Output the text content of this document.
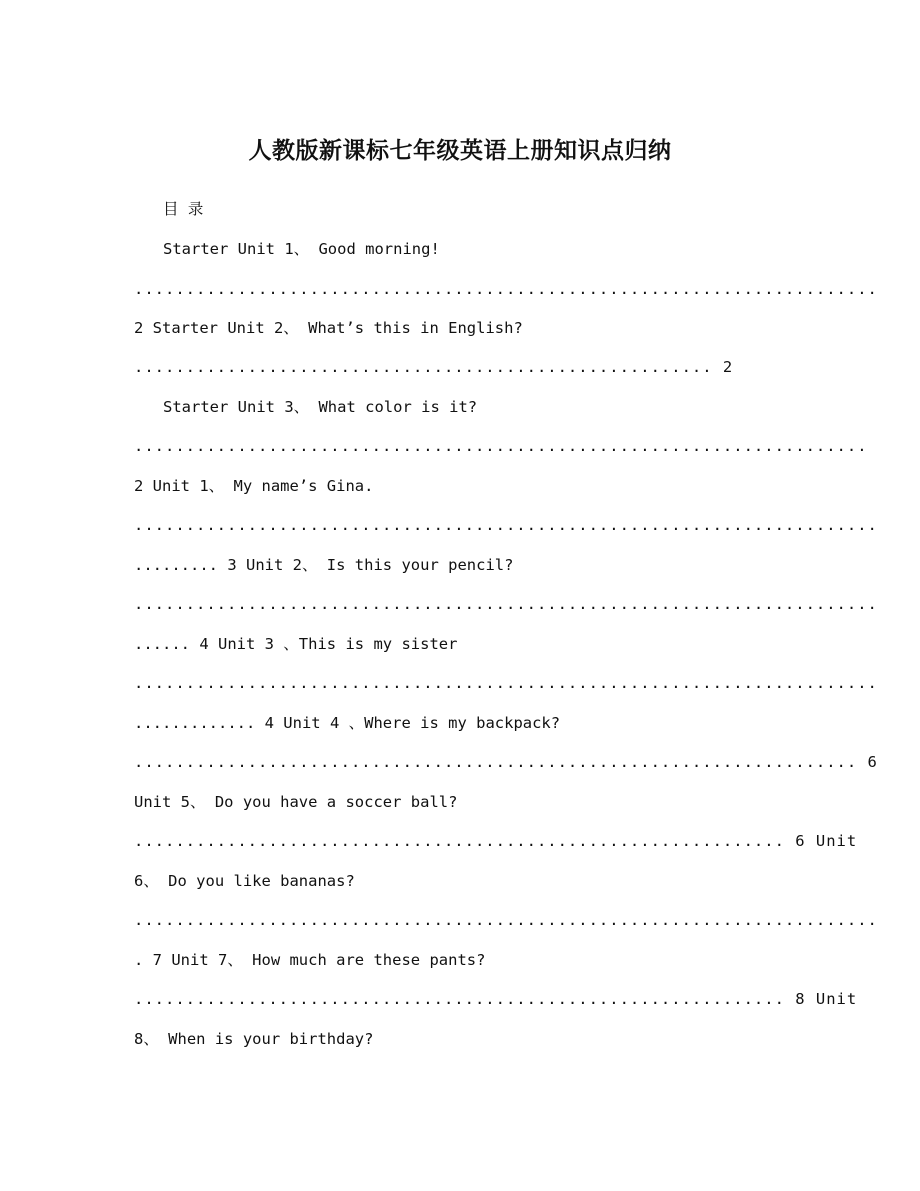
人教版新课标七年级英语上册知识点归纳

目 录

Starter Unit 1、 Good morning!

........................................................................

2 Starter Unit 2、 What’s this in English?

........................................................ 2

Starter Unit 3、 What color is it?

.......................................................................

2 Unit 1、 My name’s Gina.

........................................................................

......... 3 Unit 2、 Is this your pencil?

........................................................................

...... 4 Unit 3 、This is my sister

........................................................................

............. 4 Unit 4 、Where is my backpack?

...................................................................... 6

Unit 5、 Do you have a soccer ball?

............................................................... 6 Unit

6、 Do you like bananas?

........................................................................

. 7 Unit 7、 How much are these pants?

............................................................... 8 Unit

8、 When is your birthday?
